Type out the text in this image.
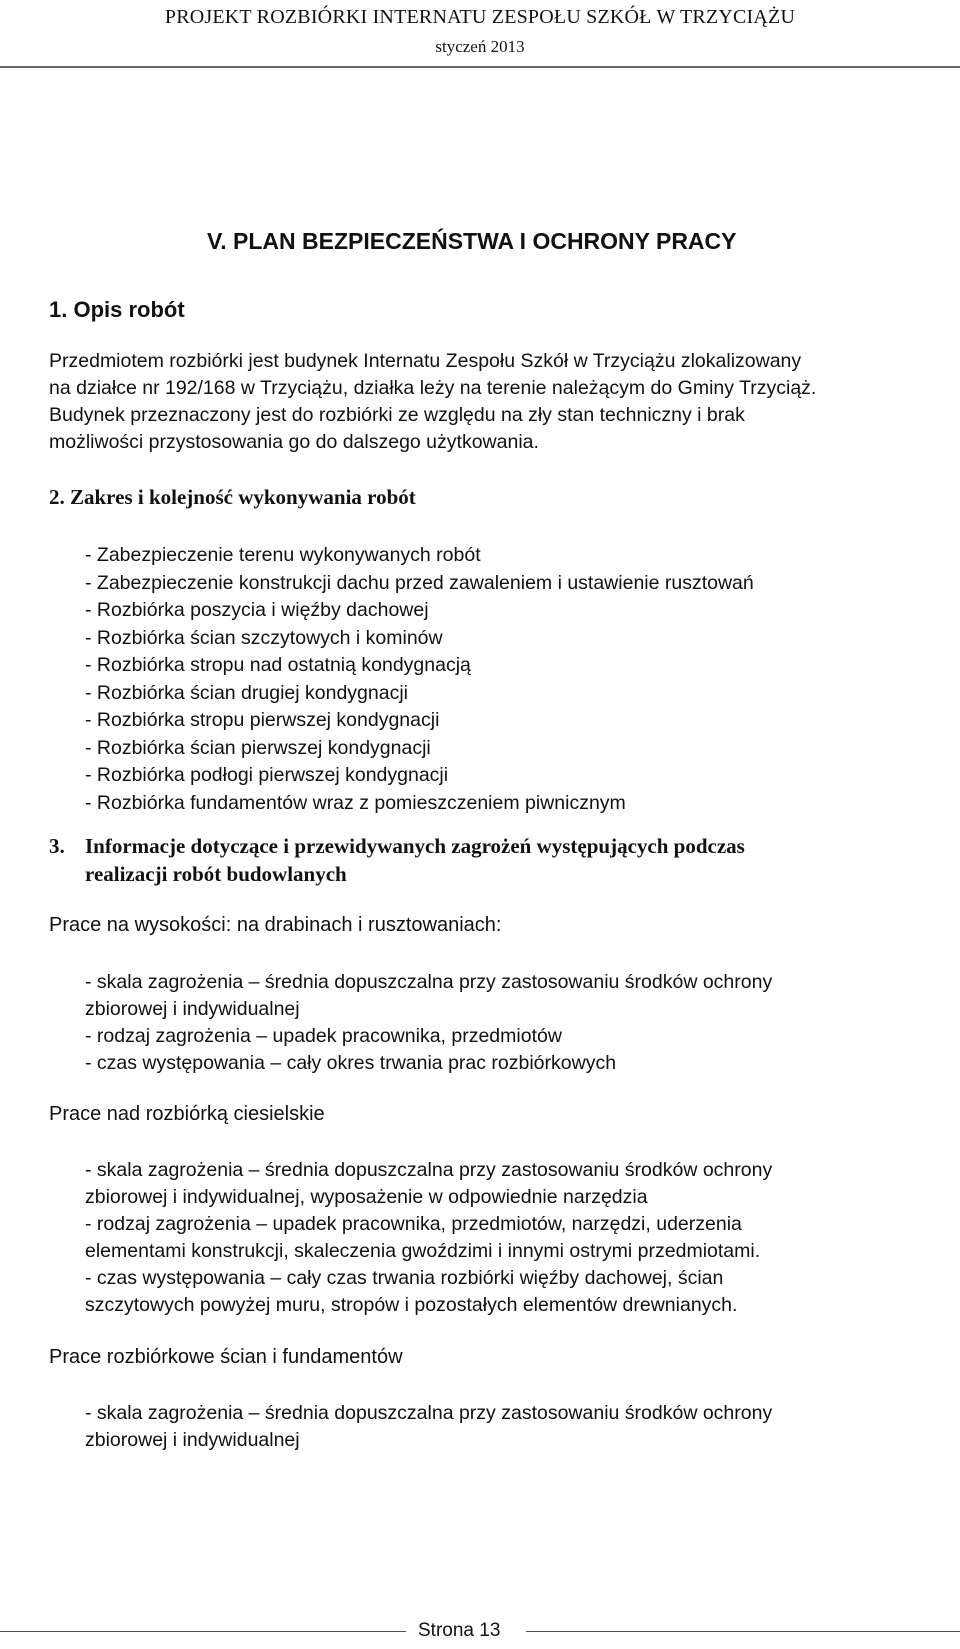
PROJEKT ROZBIÓRKI INTERNATU ZESPOŁU SZKÓŁ W TRZYCIĄŻU
styczeń 2013
V. PLAN BEZPIECZEŃSTWA I OCHRONY PRACY
1. Opis robót
Przedmiotem rozbiórki jest budynek Internatu Zespołu Szkół w Trzyciążu zlokalizowany
na działce nr 192/168 w Trzyciążu, działka leży na terenie należącym do Gminy Trzyciąż.
Budynek przeznaczony jest do rozbiórki ze względu na zły stan techniczny i brak
możliwości przystosowania go do dalszego użytkowania.
2. Zakres i kolejność wykonywania robót
- Zabezpieczenie terenu wykonywanych robót
- Zabezpieczenie konstrukcji dachu przed zawaleniem i ustawienie rusztowań
- Rozbiórka poszycia i więźby dachowej
- Rozbiórka ścian szczytowych i kominów
- Rozbiórka stropu nad ostatnią kondygnacją
- Rozbiórka ścian drugiej kondygnacji
- Rozbiórka stropu pierwszej kondygnacji
- Rozbiórka ścian pierwszej kondygnacji
- Rozbiórka podłogi pierwszej kondygnacji
- Rozbiórka fundamentów wraz z pomieszczeniem piwnicznym
3. Informacje dotyczące i przewidywanych zagrożeń występujących podczas
realizacji robót budowlanych
Prace na wysokości: na drabinach i rusztowaniach:
- skala zagrożenia – średnia dopuszczalna przy zastosowaniu środków ochrony
zbiorowej i indywidualnej
- rodzaj zagrożenia – upadek pracownika, przedmiotów
- czas występowania – cały okres trwania prac rozbiórkowych
Prace nad rozbiórką ciesielskie
- skala zagrożenia – średnia dopuszczalna przy zastosowaniu środków ochrony
zbiorowej i indywidualnej, wyposażenie w odpowiednie narzędzia
- rodzaj zagrożenia – upadek pracownika, przedmiotów, narzędzi, uderzenia
elementami konstrukcji, skaleczenia gwoździmi i innymi ostrymi przedmiotami.
- czas występowania – cały czas trwania rozbiórki więźby dachowej, ścian
szczytowych powyżej muru, stropów i pozostałych elementów drewnianych.
Prace rozbiórkowe ścian i fundamentów
- skala zagrożenia – średnia dopuszczalna przy zastosowaniu środków ochrony
zbiorowej i indywidualnej
Strona 13
